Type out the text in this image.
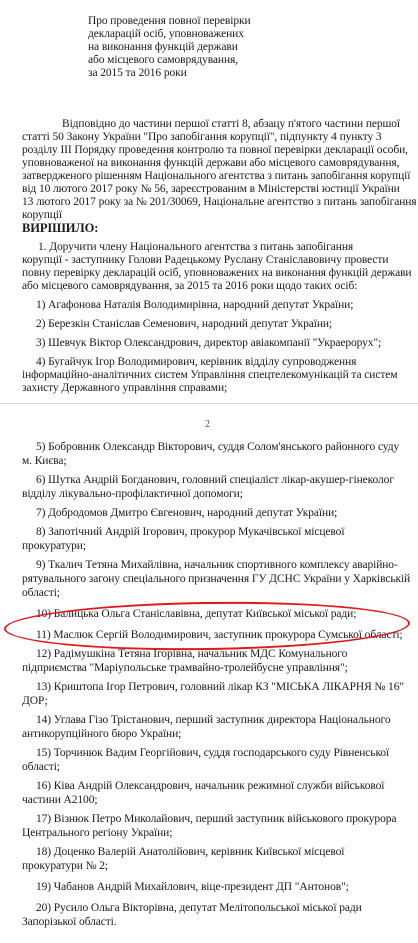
Про проведення повної перевірки
декларацій осіб, уповноважених
на виконання функцій держави
або місцевого самоврядування,
за 2015 та 2016 роки
Відповідно до частини першої статті 8, абзацу п'ятого частини першої
статті 50 Закону України "Про запобігання корупції", підпункту 4 пункту 3
розділу III Порядку проведення контролю та повної перевірки декларації особи,
уповноваженої на виконання функцій держави або місцевого самоврядування,
затвердженого рішенням Національного агентства з питань запобігання корупції
від 10 лютого 2017 року № 56, зареєстрованим в Міністерстві юстиції України
13 лютого 2017 року за № 201/30069, Національне агентство з питань запобігання
корупції
ВИРІШИЛО:
1. Доручити члену Національного агентства з питань запобігання
корупції - заступнику Голови Радецькому Руслану Станіславовичу провести
повну перевірку декларацій осіб, уповноважених на виконання функцій держави
або місцевого самоврядування, за 2015 та 2016 роки щодо таких осіб:
1) Агафонова Наталія Володимирівна, народний депутат України;
2) Березкін Станіслав Семенович, народний депутат України;
3) Шевчук Віктор Олександрович, директор авіакомпанії "Украерорух";
4) Бугайчук Ігор Володимирович, керівник відділу супроводження
інформаційно-аналітичних систем Управління спецтелекомунікацій та систем
захисту Державного управління справами;
2
5) Бобровник Олександр Вікторович, суддя Солом'янського районного суду
м. Києва;
6) Шутка Андрій Богданович, головний спеціаліст лікар-акушер-гінеколог
відділу лікувально-профілактичної допомоги;
7) Добродомов Дмитро Євгенович, народний депутат України;
8) Запотічний Андрій Ігорович, прокурор Мукачівської місцевої
прокуратури;
9) Ткалич Тетяна Михайлівна, начальник спортивного комплексу аварійно-
рятувального загону спеціального призначення ГУ ДСНС України у Харківській
області;
10) Балицька Ольга Станіславівна, депутат Київської міської ради;
11) Маслюк Сергій Володимирович, заступник прокурора Сумської області;
12) Радімушкіна Тетяна Ігорівна, начальник МДС Комунального
підприємства "Маріупольське трамвайно-тролейбусне управління";
13) Криштопа Ігор Петрович, головний лікар КЗ "МІСЬКА ЛІКАРНЯ № 16"
ДОР;
14) Углава Гізо Трістанович, перший заступник директора Національного
антикорупційного бюро України;
15) Торчинюк Вадим Георгійович, суддя господарського суду Рівненської
області;
16) Ківа Андрій Олександрович, начальник режимної служби військової
частини А2100;
17) Візнюк Петро Миколайович, перший заступник військового прокурора
Центрального регіону України;
18) Доценко Валерій Анатолійович, керівник Київської місцевої
прокуратури № 2;
19) Чабанов Андрій Михайлович, віце-президент ДП "Антонов";
20) Русило Ольга Вікторівна, депутат Мелітопольської міської ради
Запорізької області.
